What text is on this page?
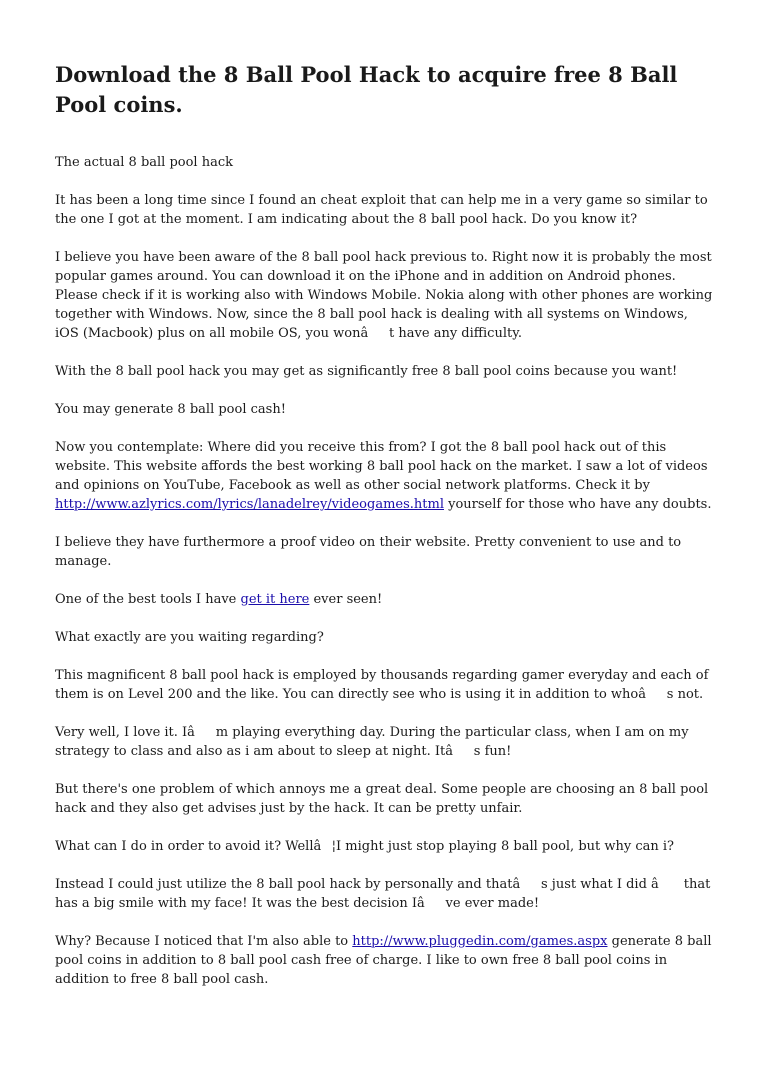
Download the 8 Ball Pool Hack to acquire free 8 Ball Pool coins.

The actual 8 ball pool hack

It has been a long time since I found an cheat exploit that can help me in a very game so similar to the one I got at the moment. I am indicating about the 8 ball pool hack. Do you know it?

I believe you have been aware of the 8 ball pool hack previous to. Right now it is probably the most popular games around. You can download it on the iPhone and in addition on Android phones. Please check if it is working also with Windows Mobile. Nokia along with other phones are working together with Windows. Now, since the 8 ball pool hack is dealing with all systems on Windows, iOS (Macbook) plus on all mobile OS, you wonât have any difficulty.

With the 8 ball pool hack you may get as significantly free 8 ball pool coins because you want!

You may generate 8 ball pool cash!

Now you contemplate: Where did you receive this from? I got the 8 ball pool hack out of this website. This website affords the best working 8 ball pool hack on the market. I saw a lot of videos and opinions on YouTube, Facebook as well as other social network platforms. Check it by http://www.azlyrics.com/lyrics/lanadelrey/videogames.html yourself for those who have any doubts.

I believe they have furthermore a proof video on their website. Pretty convenient to use and to manage.

One of the best tools I have get it here ever seen!

What exactly are you waiting regarding?

This magnificent 8 ball pool hack is employed by thousands regarding gamer everyday and each of them is on Level 200 and the like. You can directly see who is using it in addition to whoâs not.

Very well, I love it. Iâm playing everything day. During the particular class, when I am on my strategy to class and also as i am about to sleep at night. Itâs fun!

But there's one problem of which annoys me a great deal. Some people are choosing an 8 ball pool hack and they also get advises just by the hack. It can be pretty unfair.

What can I do in order to avoid it? Wellâ¦I might just stop playing 8 ball pool, but why can i?

Instead I could just utilize the 8 ball pool hack by personally and thatâs just what I did â that has a big smile with my face! It was the best decision Iâve ever made!

Why? Because I noticed that I'm also able to http://www.pluggedin.com/games.aspx generate 8 ball pool coins in addition to 8 ball pool cash free of charge. I like to own free 8 ball pool coins in addition to free 8 ball pool cash.
